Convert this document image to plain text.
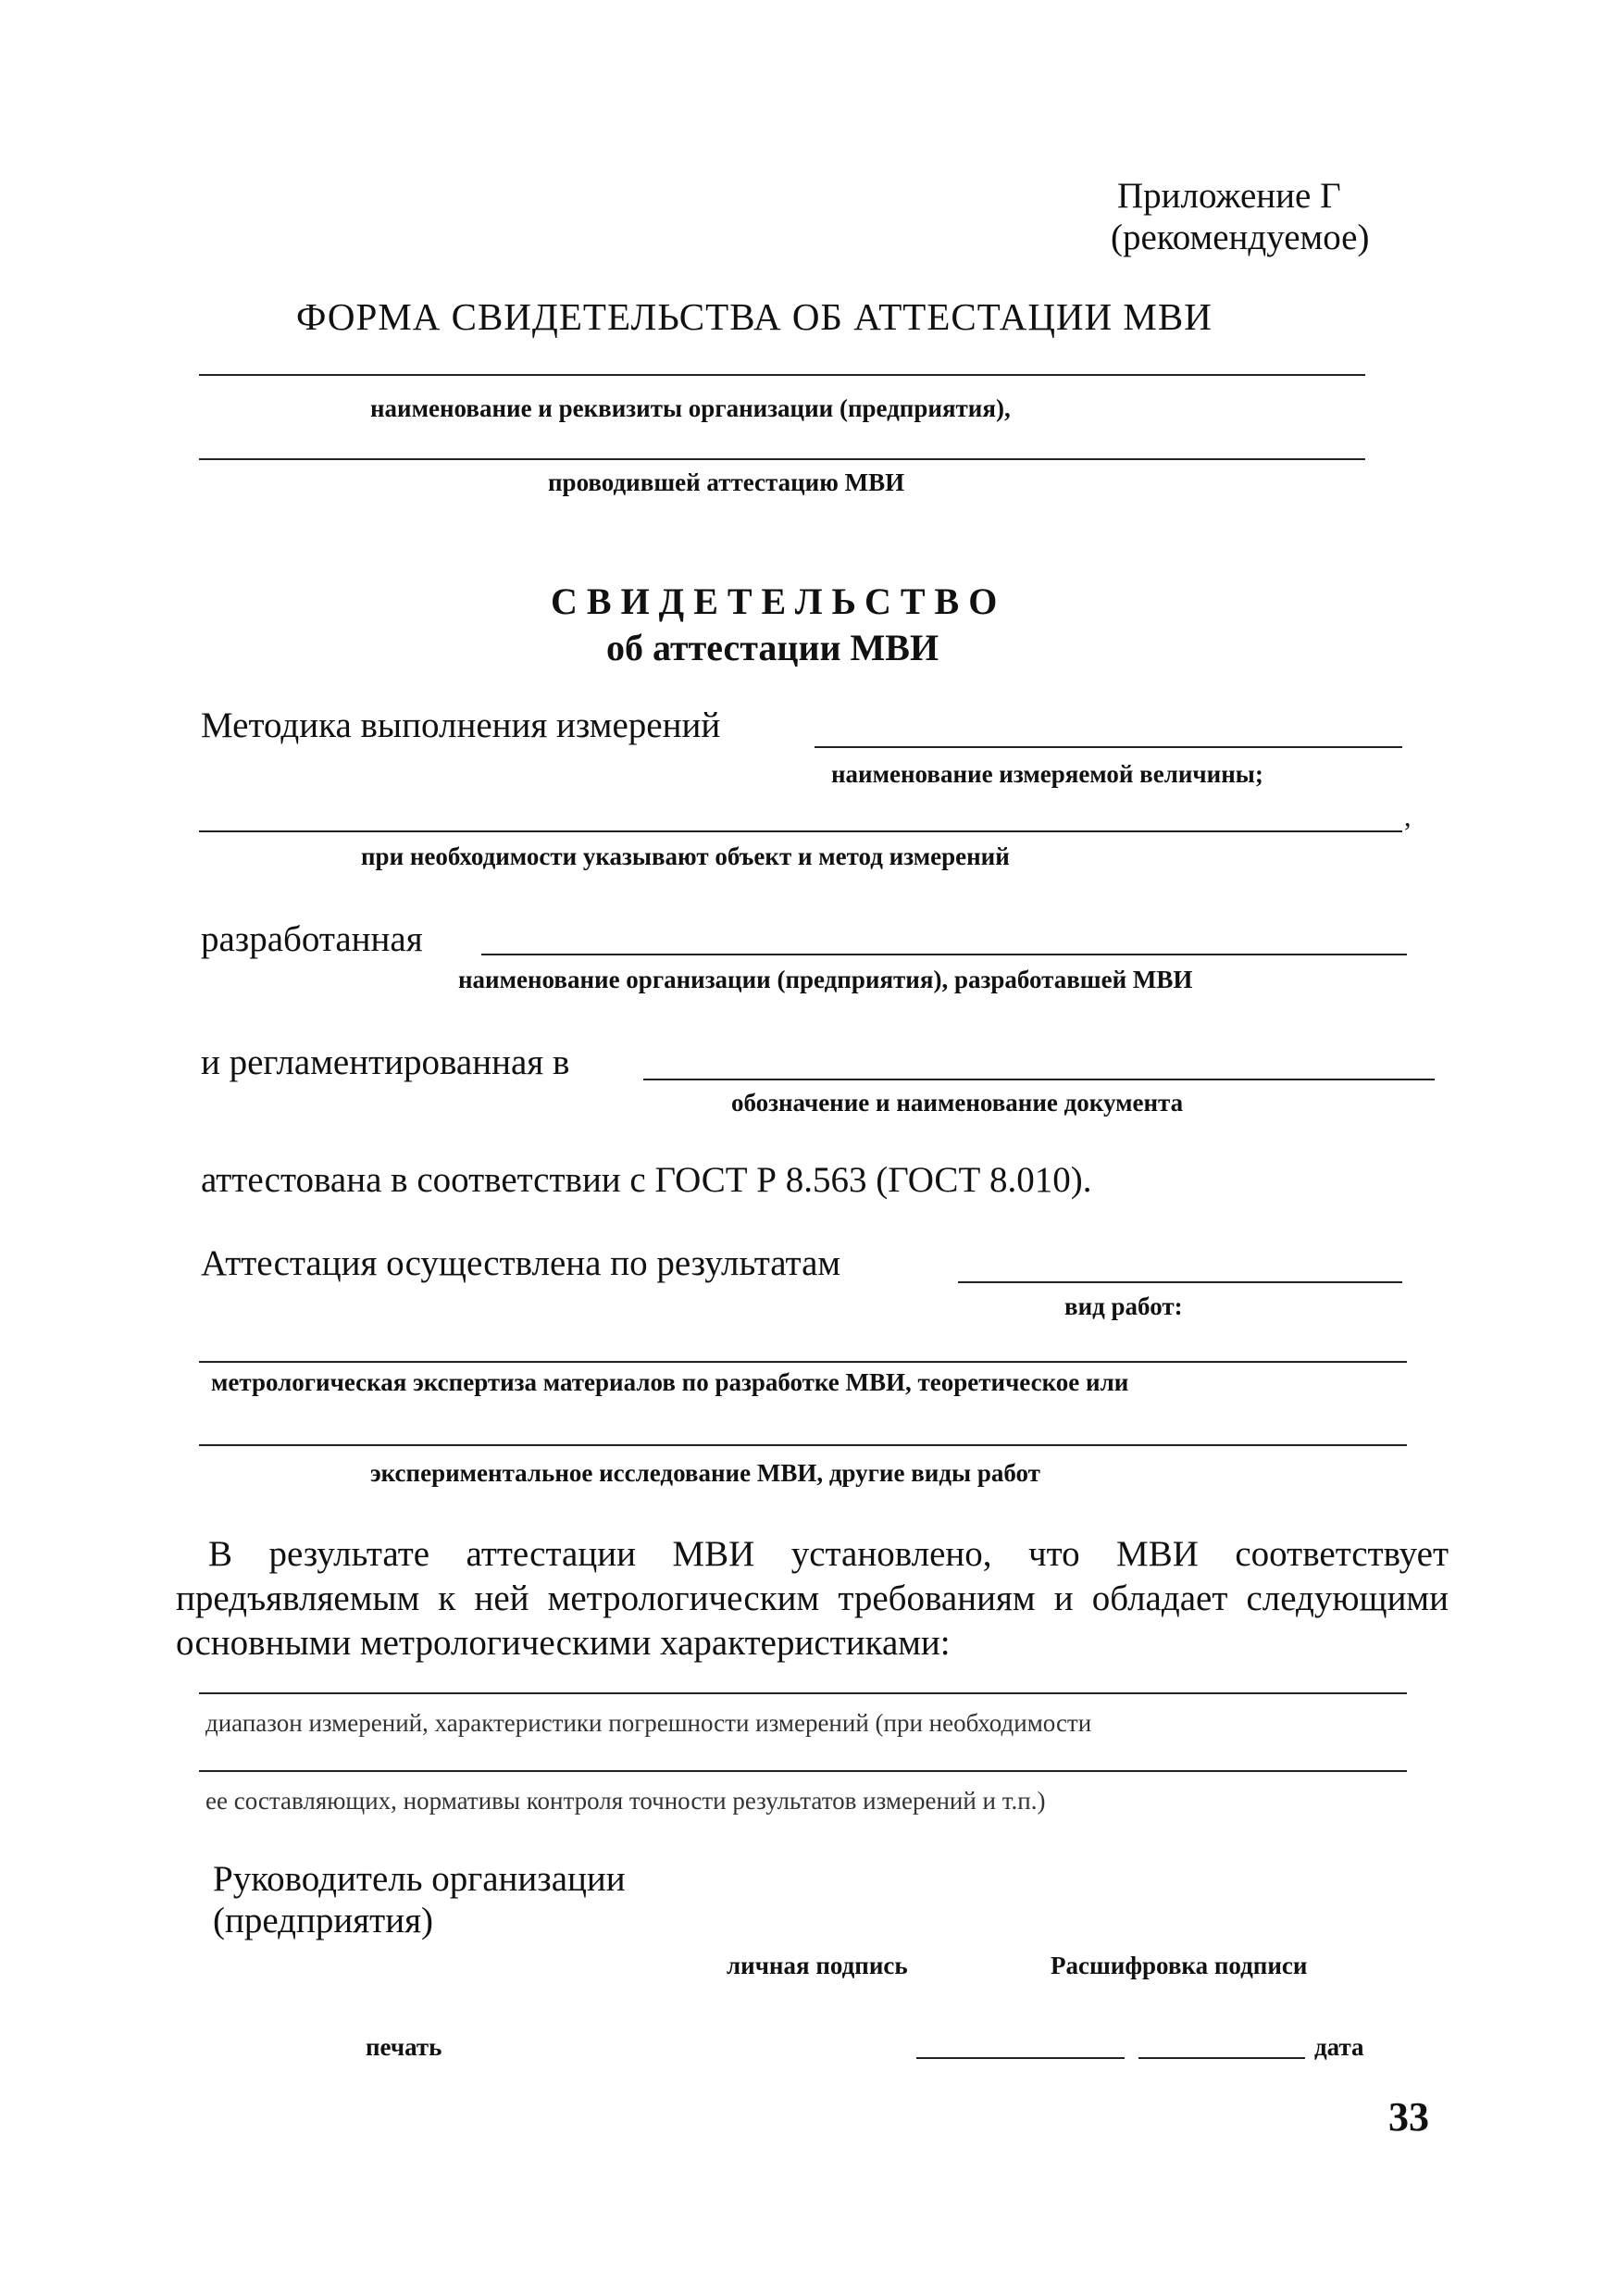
Приложение Г
(рекомендуемое)
ФОРМА СВИДЕТЕЛЬСТВА ОБ АТТЕСТАЦИИ МВИ
наименование и реквизиты организации (предприятия),
проводившей аттестацию МВИ
СВИДЕТЕЛЬСТВО
об аттестации МВИ
Методика выполнения измерений
наименование измеряемой величины;
,
при необходимости указывают объект и метод измерений
разработанная
наименование организации (предприятия), разработавшей МВИ
и регламентированная в
обозначение и наименование документа
аттестована в соответствии с ГОСТ Р 8.563 (ГОСТ 8.010).
Аттестация осуществлена по результатам
вид работ:
метрологическая экспертиза материалов по разработке МВИ, теоретическое или
экспериментальное исследование МВИ, другие виды работ
В результате аттестации МВИ установлено, что МВИ соответствует предъявляемым к ней метрологическим требованиям и обладает следующими основными метрологическими характеристиками:
диапазон измерений, характеристики погрешности измерений (при необходимости
ее составляющих, нормативы контроля точности результатов измерений и т.п.)
Руководитель организации
(предприятия)
личная подпись	Расшифровка подписи
печать	дата
33
